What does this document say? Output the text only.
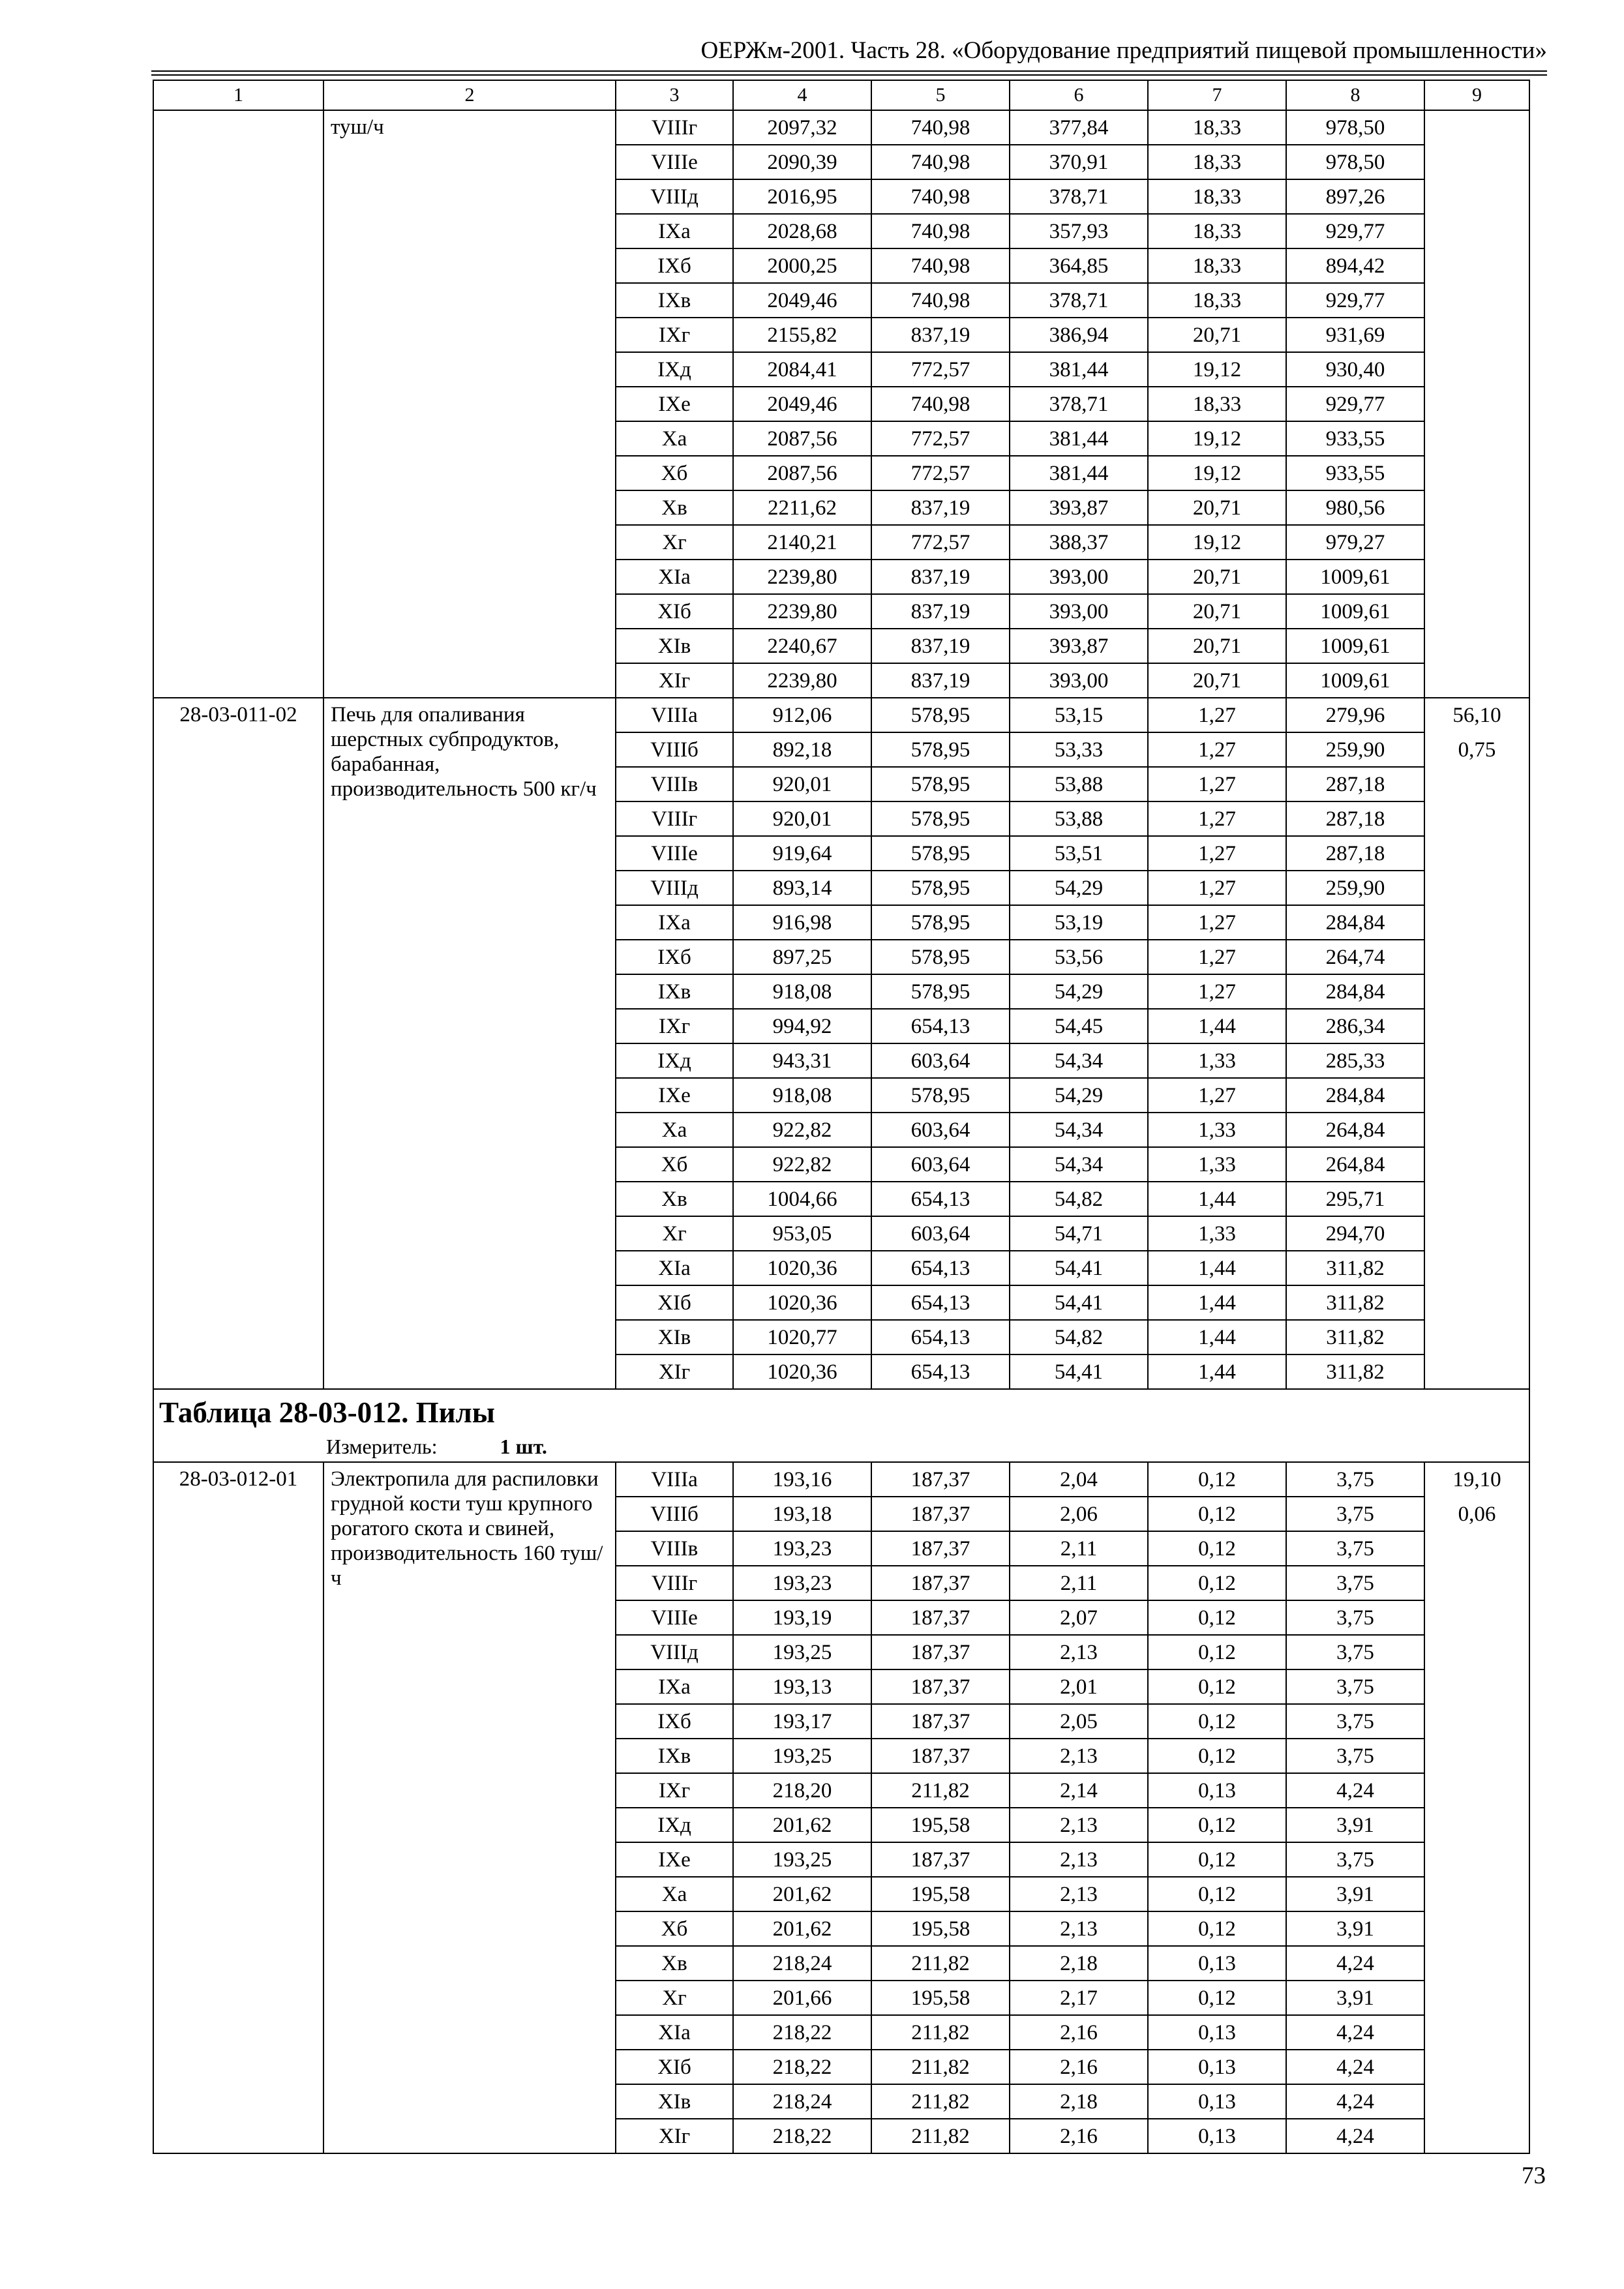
ОЕРЖм-2001. Часть 28. «Оборудование предприятий пищевой промышленности»
1	2	3	4	5	6	7	8	9
	туш/ч	VIIIг	2097,32	740,98	377,84	18,33	978,50	

		VIIIе	2090,39	740,98	370,91	18,33	978,50	
		VIIIд	2016,95	740,98	378,71	18,33	897,26	
		IXа	2028,68	740,98	357,93	18,33	929,77	
		IXб	2000,25	740,98	364,85	18,33	894,42	
		IXв	2049,46	740,98	378,71	18,33	929,77	
		IXг	2155,82	837,19	386,94	20,71	931,69	
		IXд	2084,41	772,57	381,44	19,12	930,40	
		IXе	2049,46	740,98	378,71	18,33	929,77	
		Xа	2087,56	772,57	381,44	19,12	933,55	
		Xб	2087,56	772,57	381,44	19,12	933,55	
		Xв	2211,62	837,19	393,87	20,71	980,56	
		Xг	2140,21	772,57	388,37	19,12	979,27	
		XIа	2239,80	837,19	393,00	20,71	1009,61	
		XIб	2239,80	837,19	393,00	20,71	1009,61	
		XIв	2240,67	837,19	393,87	20,71	1009,61	
		XIг	2239,80	837,19	393,00	20,71	1009,61	
28-03-011-02	Печь для опаливания шерстных субпродуктов, барабанная, производительность 500 кг/ч	VIIIа	912,06	578,95	53,15	1,27	279,96	56,10
0,75

		VIIIб	892,18	578,95	53,33	1,27	259,90	
		VIIIв	920,01	578,95	53,88	1,27	287,18	
		VIIIг	920,01	578,95	53,88	1,27	287,18	
		VIIIе	919,64	578,95	53,51	1,27	287,18	
		VIIIд	893,14	578,95	54,29	1,27	259,90	
		IXа	916,98	578,95	53,19	1,27	284,84	
		IXб	897,25	578,95	53,56	1,27	264,74	
		IXв	918,08	578,95	54,29	1,27	284,84	
		IXг	994,92	654,13	54,45	1,44	286,34	
		IXд	943,31	603,64	54,34	1,33	285,33	
		IXе	918,08	578,95	54,29	1,27	284,84	
		Xа	922,82	603,64	54,34	1,33	264,84	
		Xб	922,82	603,64	54,34	1,33	264,84	
		Xв	1004,66	654,13	54,82	1,44	295,71	
		Xг	953,05	603,64	54,71	1,33	294,70	
		XIа	1020,36	654,13	54,41	1,44	311,82	
		XIб	1020,36	654,13	54,41	1,44	311,82	
		XIв	1020,77	654,13	54,82	1,44	311,82	
		XIг	1020,36	654,13	54,41	1,44	311,82	

Таблица 28-03-012. Пилы
Измеритель: 1 шт.								

28-03-012-01	Электропила для распиловки грудной кости туш крупного рогатого скота и свиней, производительность 160 туш/ч	VIIIа	193,16	187,37	2,04	0,12	3,75	19,10
0,06

		VIIIб	193,18	187,37	2,06	0,12	3,75	
		VIIIв	193,23	187,37	2,11	0,12	3,75	
		VIIIг	193,23	187,37	2,11	0,12	3,75	
		VIIIе	193,19	187,37	2,07	0,12	3,75	
		VIIIд	193,25	187,37	2,13	0,12	3,75	
		IXа	193,13	187,37	2,01	0,12	3,75	
		IXб	193,17	187,37	2,05	0,12	3,75	
		IXв	193,25	187,37	2,13	0,12	3,75	
		IXг	218,20	211,82	2,14	0,13	4,24	
		IXд	201,62	195,58	2,13	0,12	3,91	
		IXе	193,25	187,37	2,13	0,12	3,75	
		Xа	201,62	195,58	2,13	0,12	3,91	
		Xб	201,62	195,58	2,13	0,12	3,91	
		Xв	218,24	211,82	2,18	0,13	4,24	
		Xг	201,66	195,58	2,17	0,12	3,91	
		XIа	218,22	211,82	2,16	0,13	4,24	
		XIб	218,22	211,82	2,16	0,13	4,24	
		XIв	218,24	211,82	2,18	0,13	4,24	
		XIг	218,22	211,82	2,16	0,13	4,24	
73
